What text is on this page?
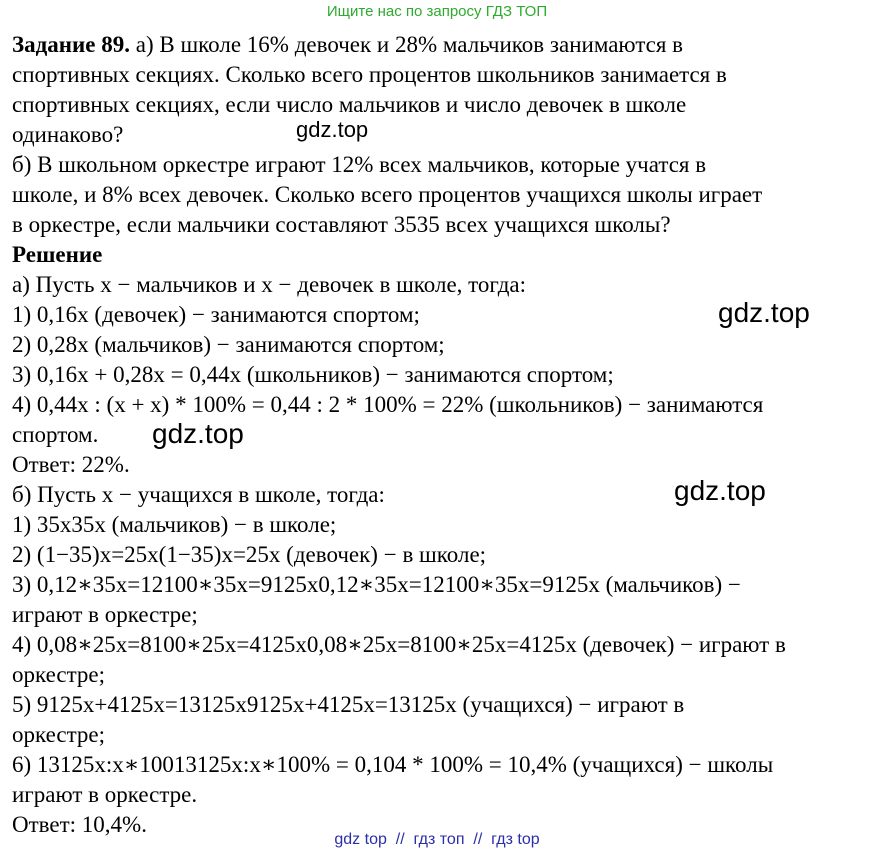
Ищите нас по запросу ГДЗ ТОП
Задание 89. а) В школе 16% девочек и 28% мальчиков занимаются в
спортивных секциях. Сколько всего процентов школьников занимается в
спортивных секциях, если число мальчиков и число девочек в школе
одинаково?
б) В школьном оркестре играют 12% всех мальчиков, которые учатся в
школе, и 8% всех девочек. Сколько всего процентов учащихся школы играет
в оркестре, если мальчики составляют 3535 всех учащихся школы?
Решение
а) Пусть х − мальчиков и х − девочек в школе, тогда:
1) 0,16х (девочек) − занимаются спортом;
2) 0,28х (мальчиков) − занимаются спортом;
3) 0,16х + 0,28х = 0,44х (школьников) − занимаются спортом;
4) 0,44х : (х + х) * 100% = 0,44 : 2 * 100% = 22% (школьников) − занимаются
спортом.
Ответ: 22%.
б) Пусть х − учащихся в школе, тогда:
1) 35х35х (мальчиков) − в школе;
2) (1−35)х=25х(1−35)х=25х (девочек) − в школе;
3) 0,12∗35х=12100∗35х=9125х0,12∗35х=12100∗35х=9125х (мальчиков) −
играют в оркестре;
4) 0,08∗25х=8100∗25х=4125х0,08∗25х=8100∗25х=4125х (девочек) − играют в
оркестре;
5) 9125х+4125х=13125х9125х+4125х=13125х (учащихся) − играют в
оркестре;
6) 13125х:х∗10013125х:х∗100% = 0,104 * 100% = 10,4% (учащихся) − школы
играют в оркестре.
Ответ: 10,4%.
gdz.top
gdz.top
gdz.top
gdz.top
gdz top  //  гдз топ  //  гдз top
